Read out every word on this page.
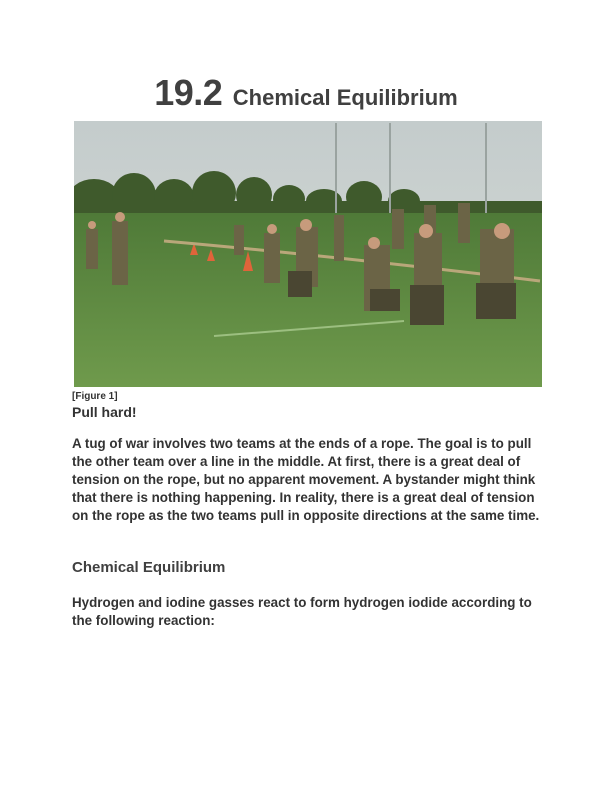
19.2 Chemical Equilibrium
[Figure 1]
Pull hard!
A tug of war involves two teams at the ends of a rope. The goal is to pull the other team over a line in the middle. At first, there is a great deal of tension on the rope, but no apparent movement. A bystander might think that there is nothing happening. In reality, there is a great deal of tension on the rope as the two teams pull in opposite directions at the same time.
Chemical Equilibrium
Hydrogen and iodine gasses react to form hydrogen iodide according to the following reaction:
